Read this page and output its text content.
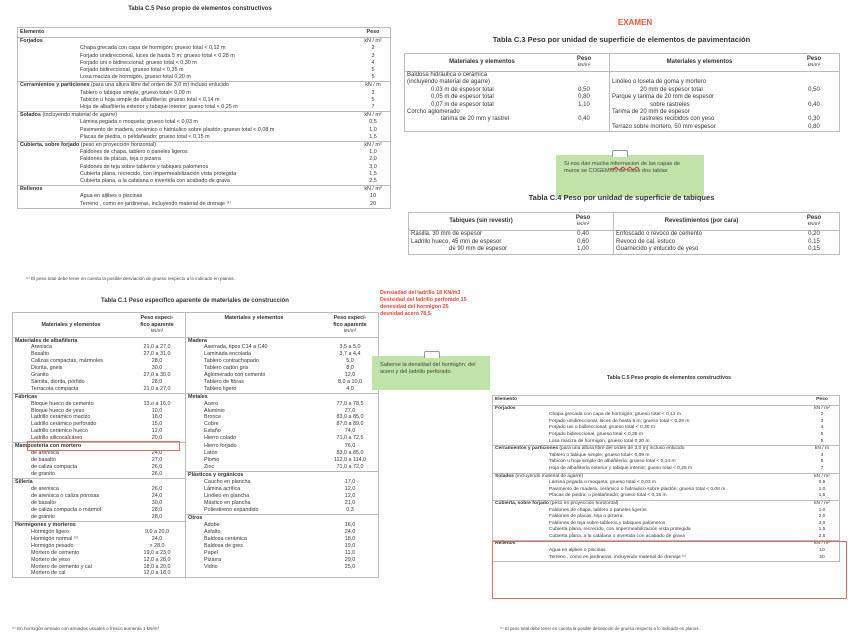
Tabla C.5 Peso propio de elementos constructivos
Elemento	Peso
Forjados	kN / m²
Chapa grecada con capa de hormigón; grueso total < 0,12 m	2
Forjado unidireccional, luces de hasta 5 m; grueso total < 0,28 m	3
Forjado uni o bidireccional; grueso total < 0,30 m	4
Forjado bidireccional, grueso total < 0,35 m	5
Losa maciza de hormigón, grueso total 0,20 m	5
Cerramientos y particiones (para una altura libre del orden de 3,0 m) incluso enlucido	kN / m
Tablero o tabique simple; grueso total< 0,09 m	3
Tabicón u hoja simple de albañilería; grueso total < 0,14 m	5
Hoja de albañilería exterior y tabique interior; gueso total < 0,25 m	7
Solados (incluyendo material de agarre)	kN / m²
Lámina pegada o moqueta; grueso total < 0,03 m	0,5
Pavimento de madera, cerámico o hidráulico sobre plastón; grueso total < 0,08 m	1,0
Placas de piedra, o peldañeado; grueso total < 0,15 m	1,5
Cubierta, sobre forjado (peso en proyección horizontal)	kN / m²
Faldones de chapa, tablero o paneles ligeros	1,0
Faldones de placas, teja o pizarra	2,0
Faldones de teja sobre tableros y tabiques palomeros	3,0
Cubierta plana, recrecido, con impermeabilización vista protegida	1,5
Cubierta plana, a la catalana o invertida con acabado de grava	2,5
Rellenos	kN / m³
Agua en aljibes o piscinas	10
Terreno , como en jardineras, incluyendo material de drenaje ⁽¹⁾	20
⁽¹⁾ El peso total debe tener en cuenta la posible desviación de grueso respecto a lo indicado en planos.
EXAMEN
Tabla C.3 Peso por unidad de superficie de elementos de pavimentación
Materiales y elementos	Peso
kN/m²	Materiales y elementos	Peso
kN/m²

Baldosa hidráulica o cerámica			
(incluyendo material de agarre)		Linóleo o loseta de goma y mortero	
0,03 m de espesor total	0,50	20 mm de espesor total	0,50
0,05 m de espesor total	0,80	Parque y tarima de 20 mm de espesor	
0,07 m de espesor total	1,10	sobre rastreles	0,40
Corcho aglomerado		Tarima de 20 mm de espesor	
tarima de 20 mm y rastrel	0,40	rastreles recibidos con yeso	0,30
		Terrazo sobre mortero, 50 mm espesor	0,80
Si nos dan mucha informacion de las capas de muros se COGEMOS de estas dos tablas
Tabla C.4 Peso por unidad de superficie de tabiques
Tabiques (sin revestir)	Peso
kN/m²	Revestimientos (por cara)	Peso
kN/m²

Rasilla, 30 mm de espesor	0,40	Enfoscado o revoco de cemento	0,20
Ladrillo hueco, 45 mm de espesor	0,60	Revoco de cal, estuco	0,15
de 90 mm de espesor	1,00	Guarnecido y enlucido de yeso	0,15
Tabla C.1 Peso específico aparente de materiales de construcción
Materiales y elementos	Peso especi-
fico aparente
kN/m³	Materiales y elementos	Peso especi-
fico aparente
kN/m³

Materiales de albañilería		Madera	
Arenisca	21,0 a 27,0	Aserrada, tipos C14 a C40	3,5 a 5,0
Basalto	27,0 a 31,0	Laminada encolada	3,7 a 4,4
Calizas compactas, mármoles	28,0	Tablero contrachapado	5,0
Diorita, gneis	30,0	Tablero cartón gris	8,0
Granito	27,0 a 30,0	Aglomerado con cemento	12,0
Sienita, diorita, pórfido	28,0	Tablero de fibras	8,0 a 10,0
Terracota compacta	21,0 a 27,0	Tablero ligero	4,0
Fábricas		Metales	
Bloque hueco de cemento	13,o a 16,0	Acero	77,0 a 78,5
Bloque hueco de yeso	10,0	Aluminio	27,0
Ladrillo cerámico macizo	18,0	Bronce	83,0 a 85,0
Ladrillo cerámico perforado	15,0	Cobre	87,0 a 89,0
Ladrillo cerámico hueco	12,0	Estaño	74,0
Ladrillo silicocalcáreo	20,0	Hierro colado	71,0 a 72,5
Mampostería con mortero		Hierro forjado	76,0
de arenisca	24,0	Latón	83,0 a 85,0
de basalto	27,0	Plomo	112,0 a 114,0
de caliza compacta	26,0	Zinc	71,0 a 72,0
de granito	26,0	Plásticos y orgánicos	
Sillería		Caucho en plancha	17,0
de arenisca	26,0	Lámina acrílica	12,0
de arenisca o caliza porosas	24,0	Linóleo en plancha	12,0
de basalto	30,0	Mástico en plancha	21,0
de caliza compacta o mármol	28,0	Poliestireno expandido	0,3
de granito	28,0	Otros	
Hormigones y morteros		Adobe	16,0
Hormigón ligero	9,0 a 20,0	Asfalto	24,0
Hormigón normal ⁽¹⁾	24,0	Baldosa cerámica	18,0
Hormigón pesado	> 28,0	Baldosa de gres	19,0
Mortero de cemento	19,0 a 23,0	Papel	11,0
Mortero de yeso	12,0 a 28,0	Pizarra	29,0
Mortero de cemento y cal	18,0 a 20,0	Vidrio	25,0
Mortero de cal	12,0 a 18,0		
⁽¹⁾ En hormigón armado con armados usuales o fresco aumenta 1 kN/m³
Densiadad del ladrillo 18 KN/m3
Desisidad del ladrillo perforado 15
denesidad del hormigon 25
desnidad acero 78,5
Saberse la densidad del hormigón, del acero y del ladrillo perforado
Tabla C.5 Peso propio de elementos constructivos
Elemento	Peso
Forjados	kN / m²
Chapa grecada con capa de hormigón; grueso total < 0,12 m	2
Forjado unidireccional, luces de hasta 5 m; grueso total < 0,28 m	3
Forjado uni o bidireccional; grueso total < 0,30 m	4
Forjado bidireccional, grueso total < 0,35 m	5
Losa maciza de hormigón, grueso total 0,20 m	5
Cerramientos y particiones (para una altura libre del orden de 3,0 m) incluso enlucido	kN / m
Tablero o tabique simple; grueso total< 0,09 m	3
Tabicón u hoja simple de albañilería; grueso total < 0,14 m	5
Hoja de albañilería exterior y tabique interior; gueso total < 0,25 m	7
Solados (incluyendo material de agarre)	kN / m²
Lámina pegada o moqueta; grueso total < 0,03 m	0,5
Pavimento de madera, cerámico o hidráulico sobre plastón; grueso total < 0,08 m	1,0
Placas de piedra, o peldañeado; grueso total < 0,15 m	1,5
Cubierta, sobre forjado (peso en proyección horizontal)	kN / m²
Faldones de chapa, tablero o paneles ligeros	1,0
Faldones de placas, teja o pizarra	2,0
Faldones de teja sobre tableros y tabiques palomeros	3,0
Cubierta plana, recrecido, con impermeabilización vista protegida	1,5
Cubierta plana, a la catalana o invertida con acabado de grava	2,5
Rellenos	kN / m³
Agua en aljibes o piscinas	10
Terreno , como en jardineras, incluyendo material de drenaje ⁽¹⁾	20
⁽¹⁾ El peso total debe tener en cuenta la posible desviación de grueso respecto a lo indicado en planos.
